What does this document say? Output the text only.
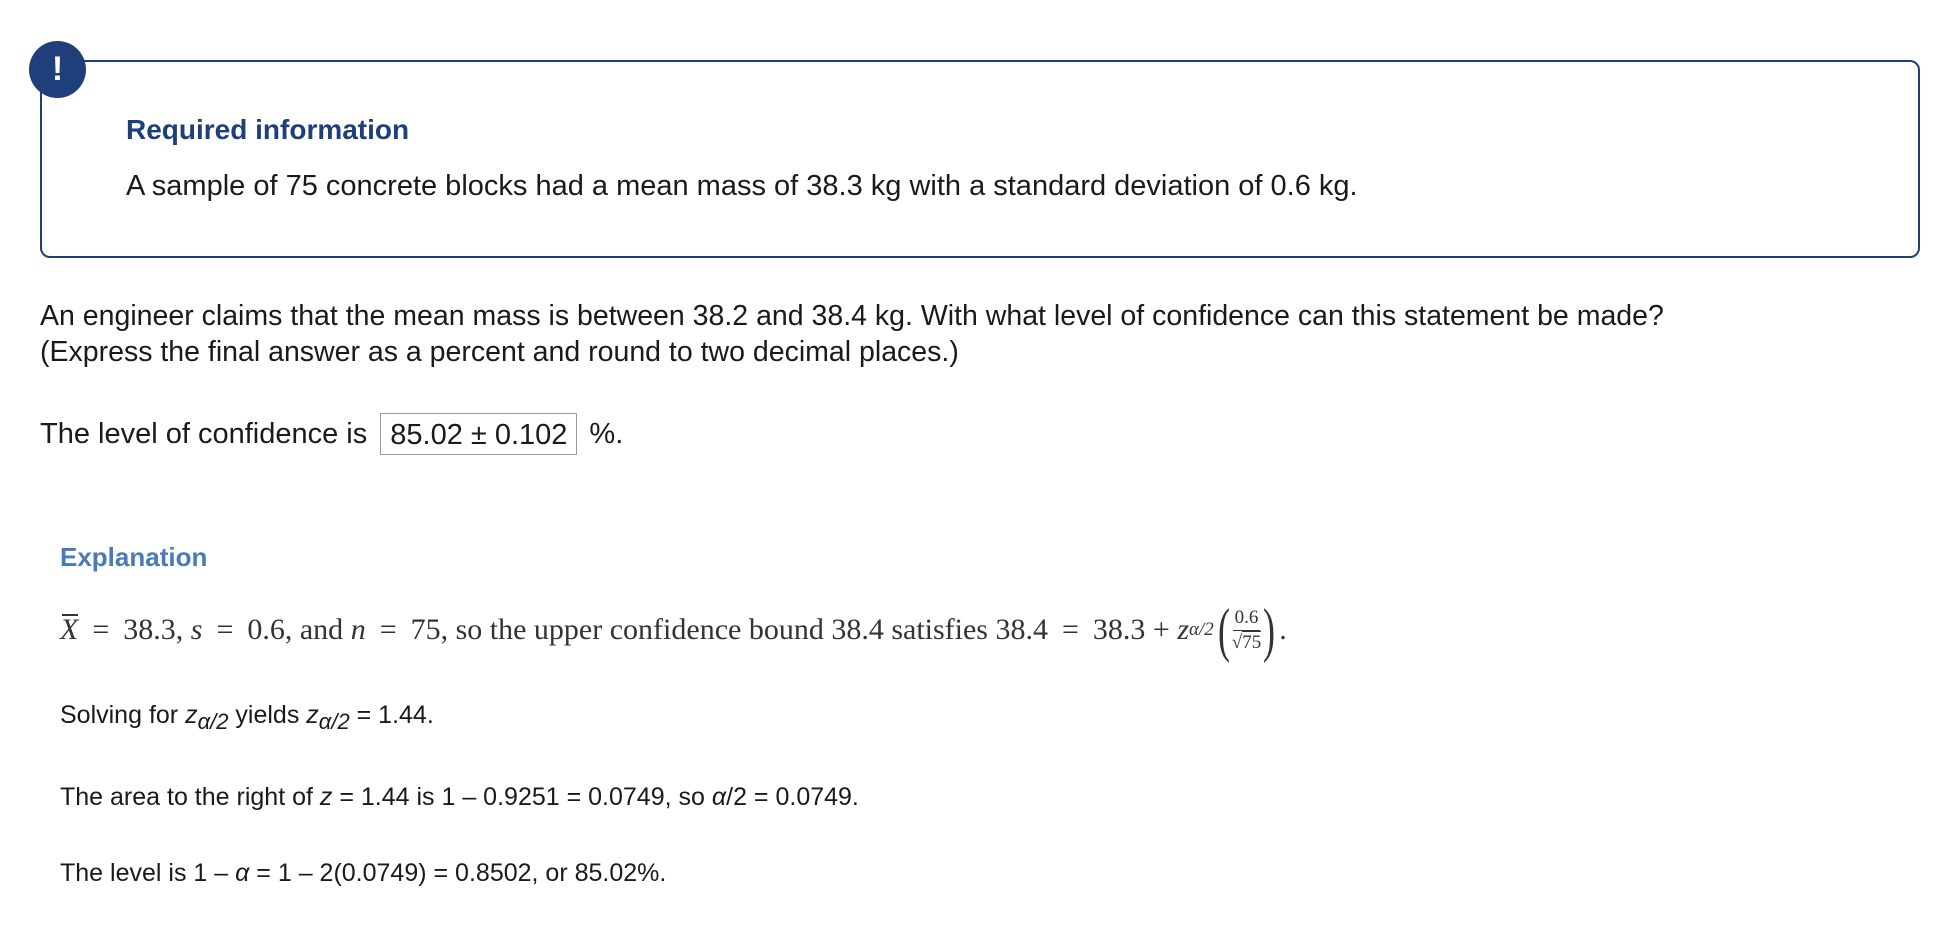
!
Required information
A sample of 75 concrete blocks had a mean mass of 38.3 kg with a standard deviation of 0.6 kg.
An engineer claims that the mean mass is between 38.2 and 38.4 kg. With what level of confidence can this statement be made?
(Express the final answer as a percent and round to two decimal places.)
The level of confidence is 85.02 ± 0.102 %.
Explanation
X = 38.3,
s = 0.6,
and
n = 75,
so the upper confidence bound 38.4 satisfies 38.4 = 38.3 +
z α/2 ( $\frac{0.6}{√75}$ ) .
Solving for $z_{\alpha/2}$ yields $z_{\alpha/2} = 1.44$.
The area to the right of z = 1.44 is 1 – 0.9251 = 0.0749, so α/2 = 0.0749.
The level is 1 – α = 1 – 2(0.0749) = 0.8502, or 85.02%.
